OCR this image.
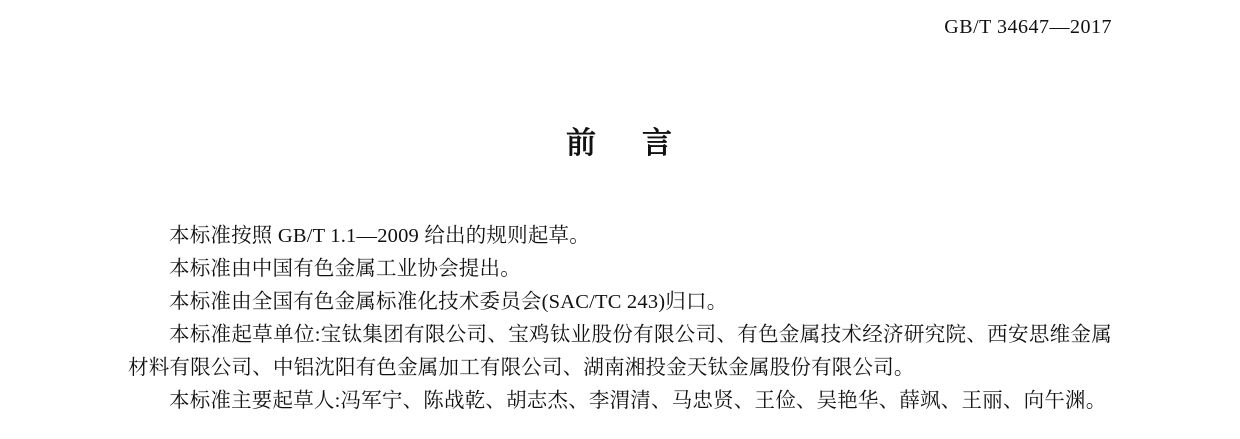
GB/T 34647—2017
前 言

本标准按照 GB/T 1.1—2009 给出的规则起草。

本标准由中国有色金属工业协会提出。

本标准由全国有色金属标准化技术委员会(SAC/TC 243)归口。

本标准起草单位:宝钛集团有限公司、宝鸡钛业股份有限公司、有色金属技术经济研究院、西安思维金属材料有限公司、中铝沈阳有色金属加工有限公司、湖南湘投金天钛金属股份有限公司。

本标准主要起草人:冯军宁、陈战乾、胡志杰、李渭清、马忠贤、王俭、吴艳华、薛飒、王丽、向午渊。
